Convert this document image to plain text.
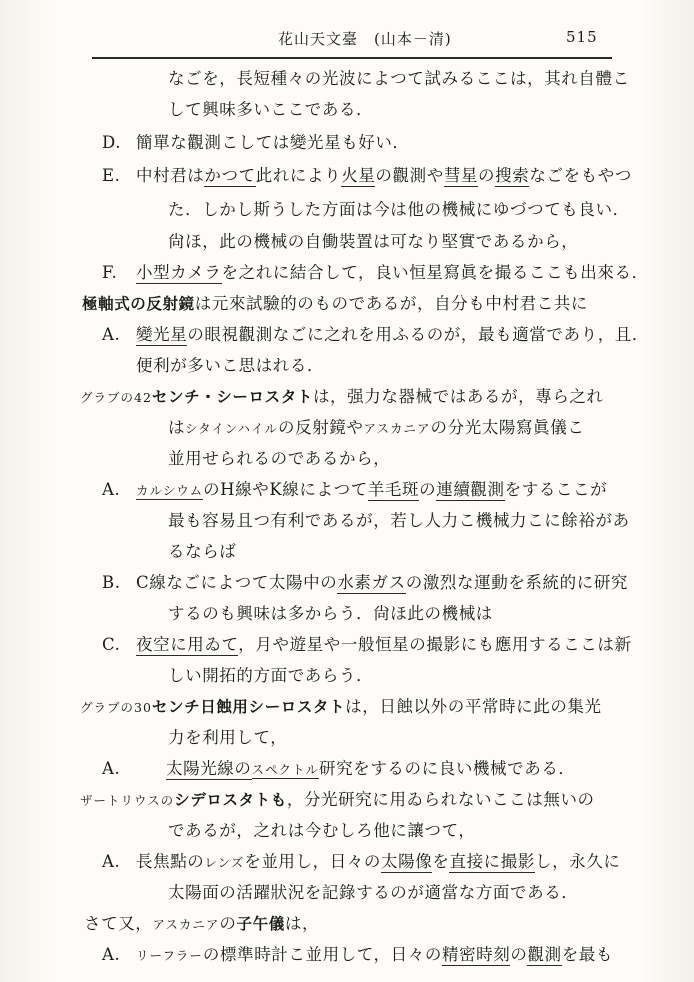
花山天文臺　(山本－清)	515
なごを，長短種々の光波によつて試みるここは，其れ自體こ
して興味多いここである．
D. 簡單な觀測こしては變光星も好い．
E. 中村君はかつて此れにより火星の觀測や彗星の搜索なごをもやつ
た．しかし斯うした方面は今は他の機械にゆづつても良い．
尙ほ，此の機械の自働裝置は可なり堅實であるから，
F. 小型カメラを之れに結合して，良い恒星寫眞を撮るここも出來る．
極軸式の反射鏡は元來試驗的のものであるが，自分も中村君こ共に
A. 變光星の眼視觀測なごに之れを用ふるのが，最も適當であり，且．
便利が多いこ思はれる．
グラブの42センチ・シーロスタトは，强力な器械ではあるが，專ら之れ
はシタインハイルの反射鏡やアスカニアの分光太陽寫眞儀こ
並用せられるのであるから，
A. カルシウムのH線やK線によつて羊毛斑の連續觀測をするここが
最も容易且つ有利であるが，若し人力こ機械力こに餘裕があ
るならば
B. C線なごによつて太陽中の水素ガスの激烈な運動を系統的に研究
するのも興味は多からう．尙ほ此の機械は
C. 夜空に用ゐて，月や遊星や一般恒星の撮影にも應用するここは新
しい開拓的方面であらう．
グラブの30センチ日蝕用シーロスタトは，日蝕以外の平常時に此の集光
力を利用して，
A.	太陽光線のスペクトル研究をするのに良い機械である．
ザートリウスのシデロスタトも，分光研究に用ゐられないここは無いの
であるが，之れは今むしろ他に讓つて，
A. 長焦點のレンズを並用し，日々の太陽像を直接に撮影し，永久に
太陽面の活躍狀況を記錄するのが適當な方面である．
さて又，アスカニアの子午儀は，
A. リーフラーの標準時計こ並用して，日々の精密時刻の觀測を最も
